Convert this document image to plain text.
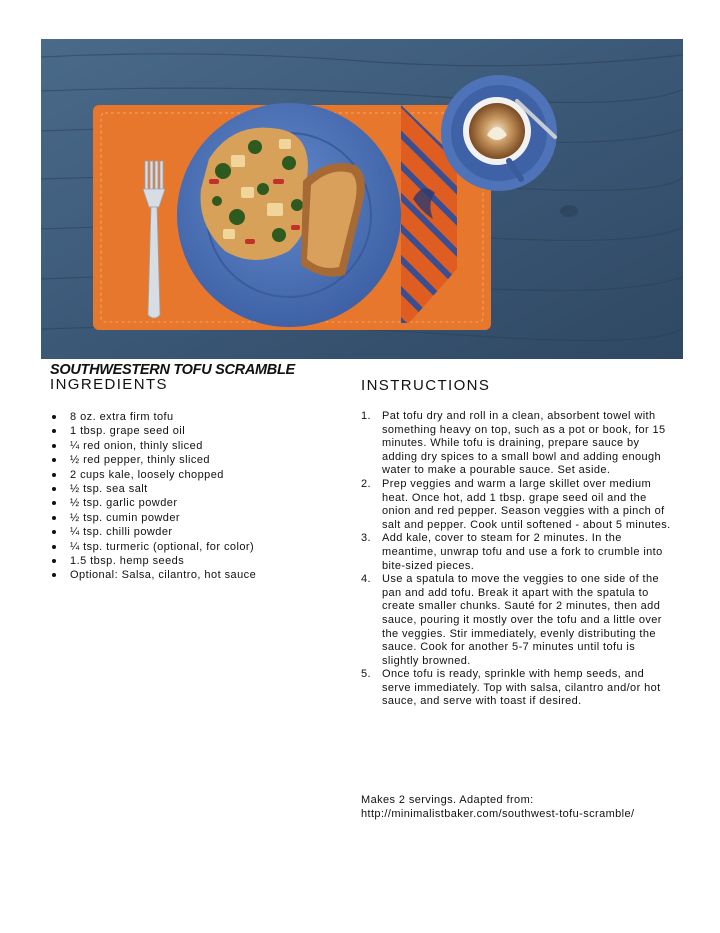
SOUTHWESTERN TOFU SCRAMBLE
INGREDIENTS	INSTRUCTIONS
8 oz. extra firm tofu
1 tbsp. grape seed oil
¼ red onion, thinly sliced
½ red pepper, thinly sliced
2 cups kale, loosely chopped
½ tsp. sea salt
½ tsp. garlic powder
½ tsp. cumin powder
¼ tsp. chilli powder
¼ tsp. turmeric (optional, for color)
1.5 tbsp. hemp seeds
Optional: Salsa, cilantro, hot sauce
1.	Pat tofu dry and roll in a clean, absorbent towel with something heavy on top, such as a pot or book, for 15 minutes. While tofu is draining, prepare sauce by adding dry spices to a small bowl and adding enough water to make a pourable sauce. Set aside.
2.	Prep veggies and warm a large skillet over medium heat. Once hot, add 1 tbsp. grape seed oil and the onion and red pepper. Season veggies with a pinch of salt and pepper. Cook until softened - about 5 minutes.
3.	Add kale, cover to steam for 2 minutes. In the meantime, unwrap tofu and use a fork to crumble into bite-sized pieces.
4.	Use a spatula to move the veggies to one side of the pan and add tofu. Break it apart with the spatula to create smaller chunks. Sauté for 2 minutes, then add sauce, pouring it mostly over the tofu and a little over the veggies. Stir immediately, evenly distributing the sauce. Cook for another 5-7 minutes until tofu is slightly browned.
5.	Once tofu is ready, sprinkle with hemp seeds, and serve immediately. Top with salsa, cilantro and/or hot sauce, and serve with toast if desired.
Makes 2 servings. Adapted from: http://minimalistbaker.com/southwest-tofu-scramble/
